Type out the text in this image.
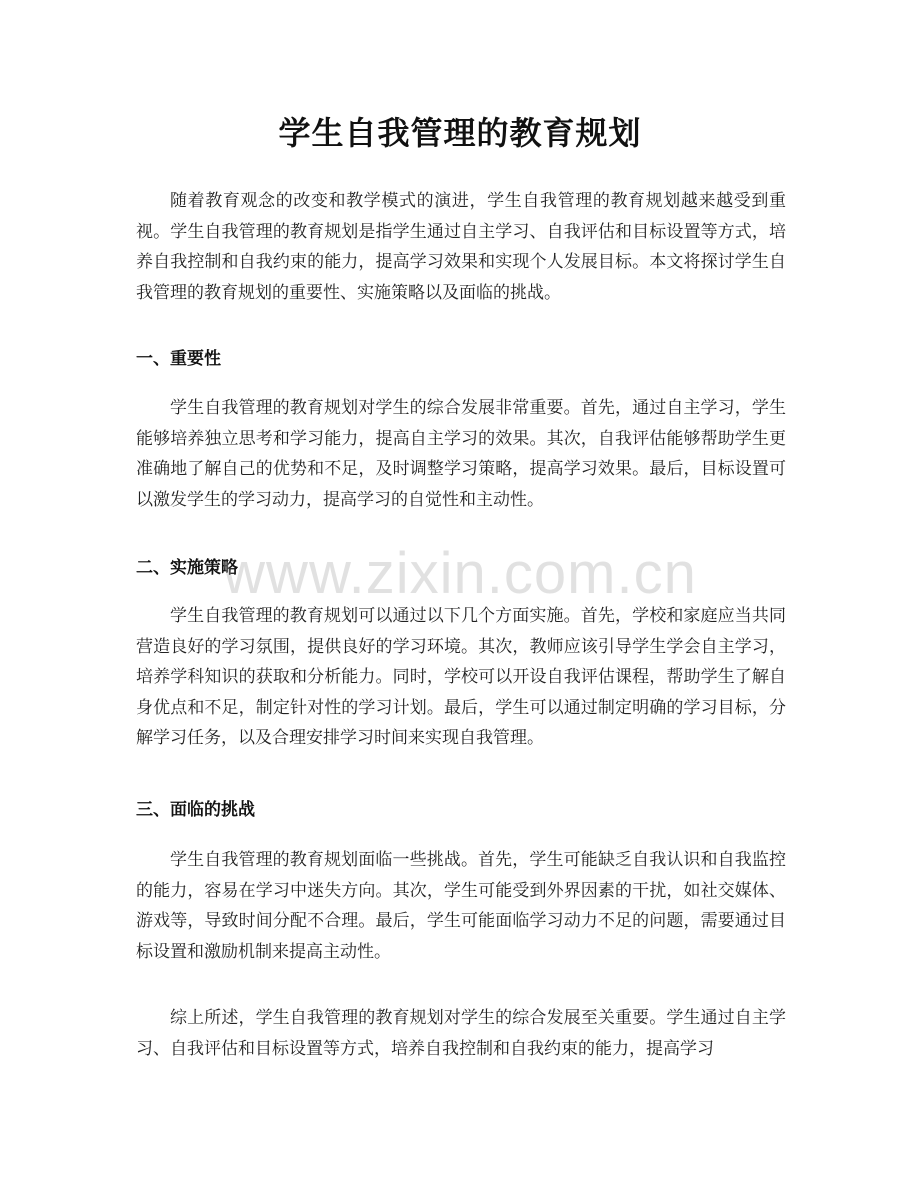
学生自我管理的教育规划

随着教育观念的改变和教学模式的演进，学生自我管理的教育规划越来越受到重视。学生自我管理的教育规划是指学生通过自主学习、自我评估和目标设置等方式，培养自我控制和自我约束的能力，提高学习效果和实现个人发展目标。本文将探讨学生自我管理的教育规划的重要性、实施策略以及面临的挑战。

一、重要性

学生自我管理的教育规划对学生的综合发展非常重要。首先，通过自主学习，学生能够培养独立思考和学习能力，提高自主学习的效果。其次，自我评估能够帮助学生更准确地了解自己的优势和不足，及时调整学习策略，提高学习效果。最后，目标设置可以激发学生的学习动力，提高学习的自觉性和主动性。

二、实施策略

学生自我管理的教育规划可以通过以下几个方面实施。首先，学校和家庭应当共同营造良好的学习氛围，提供良好的学习环境。其次，教师应该引导学生学会自主学习，培养学科知识的获取和分析能力。同时，学校可以开设自我评估课程，帮助学生了解自身优点和不足，制定针对性的学习计划。最后，学生可以通过制定明确的学习目标，分解学习任务，以及合理安排学习时间来实现自我管理。

三、面临的挑战

学生自我管理的教育规划面临一些挑战。首先，学生可能缺乏自我认识和自我监控的能力，容易在学习中迷失方向。其次，学生可能受到外界因素的干扰，如社交媒体、游戏等，导致时间分配不合理。最后，学生可能面临学习动力不足的问题，需要通过目标设置和激励机制来提高主动性。

综上所述，学生自我管理的教育规划对学生的综合发展至关重要。学生通过自主学习、自我评估和目标设置等方式，培养自我控制和自我约束的能力，提高学习

www.zixin.com.cn
